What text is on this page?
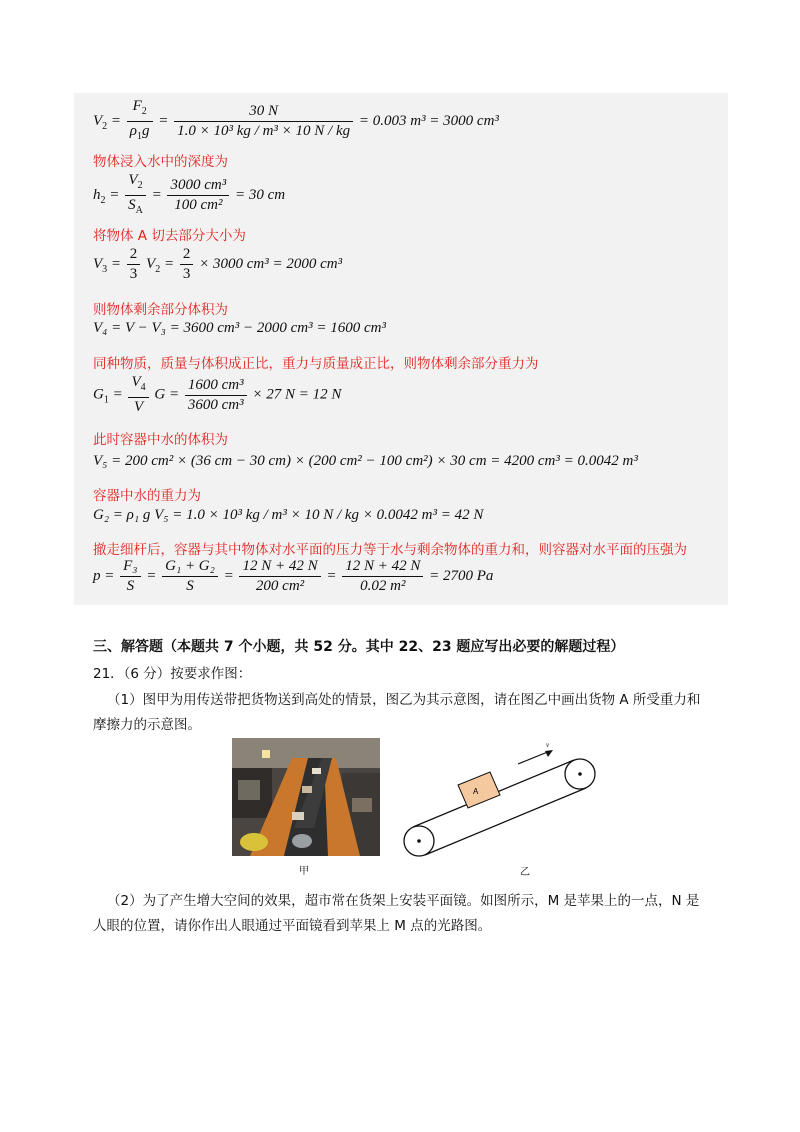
$V_2 = \frac{F_2}{\rho_1g} = \frac{30 N}{\text{1.0 × 10³ kg / m³ × 10 N / kg}} = 0.003$ m³ = 3000 cm³
物体浸入水中的深度为
$h_2 = \frac{V_2}{S_A} = \frac{\text{3000 cm³}}{\text{100 cm²}} = 30$ cm
将物体 A 切去部分大小为
$V_3 = \frac{2}{3} V_2 = \frac{2}{3} \times 3000$ cm³ = 2000 cm³
则物体剩余部分体积为
V₄ = V − V₃ = 3600 cm³ − 2000 cm³ = 1600 cm³
同种物质，质量与体积成正比，重力与质量成正比，则物体剩余部分重力为
$G_1 = \frac{V_4}{V}$ $G = \frac{\text{1600 cm³}}{\text{3600 cm³}} \times 27$ N = 12 N
此时容器中水的体积为
V₅ = 200 cm² × (36 cm − 30 cm) × (200 cm² − 100 cm²) × 30 cm = 4200 cm³ = 0.0042 m³
容器中水的重力为
G₂ = ρ₁ g V₅ = 1.0 × 10³ kg / m³ × 10 N / kg × 0.0042 m³ = 42 N
撤走细杆后，容器与其中物体对水平面的压力等于水与剩余物体的重力和，则容器对水平面的压强为
$p = \frac{\text{F₃}}{S} = \frac{\text{G₁ + G₂}}{S} = \frac{12 N + 42 N}{\text{200 cm²}} = \frac{12 N + 42 N}{\text{0.02 m²}} = 2700$ Pa
三、解答题（本题共 7 个小题，共 52 分。其中 22、23 题应写出必要的解题过程）
21．（6 分）按要求作图：
（1）图甲为用传送带把货物送到高处的情景，图乙为其示意图，请在图乙中画出货物 A 所受重力和
摩擦力的示意图。
甲
A
v
乙
（2）为了产生增大空间的效果，超市常在货架上安装平面镜。如图所示，M 是苹果上的一点，N 是
人眼的位置，请你作出人眼通过平面镜看到苹果上 M 点的光路图。
